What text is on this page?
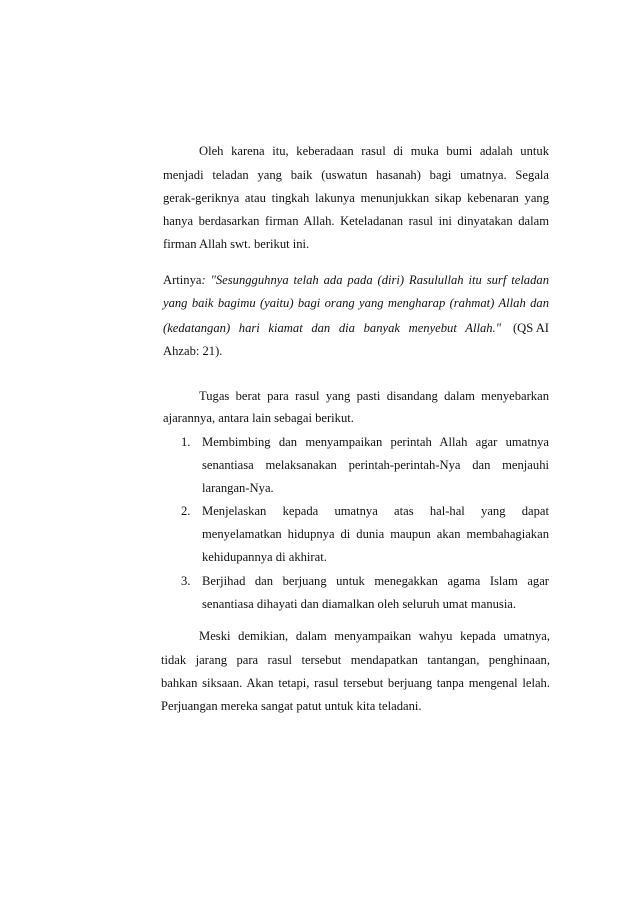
Oleh karena itu, keberadaan rasul di muka bumi adalah untuk
menjadi teladan yang baik (uswatun hasanah) bagi umatnya. Segala
gerak-geriknya atau tingkah lakunya menunjukkan sikap kebenaran yang
hanya berdasarkan firman Allah. Keteladanan rasul ini dinyatakan dalam
firman Allah swt. berikut ini.
Artinya: "Sesungguhnya telah ada pada (diri) Rasulullah itu surf teladan
yang baik bagimu (yaitu) bagi orang yang mengharap (rahmat) Allah dan
(kedatangan) hari kiamat dan dia banyak menyebut Allah." (QS AI
Ahzab: 21).
Tugas berat para rasul yang pasti disandang dalam menyebarkan
ajarannya, antara lain sebagai berikut.
1. Membimbing dan menyampaikan perintah Allah agar umatnya
senantiasa melaksanakan perintah-perintah-Nya dan menjauhi
larangan-Nya.
2. Menjelaskan kepada umatnya atas hal-hal yang dapat
menyelamatkan hidupnya di dunia maupun akan membahagiakan
kehidupannya di akhirat.
3. Berjihad dan berjuang untuk menegakkan agama Islam agar
senantiasa dihayati dan diamalkan oleh seluruh umat manusia.
Meski demikian, dalam menyampaikan wahyu kepada umatnya,
tidak jarang para rasul tersebut mendapatkan tantangan, penghinaan,
bahkan siksaan. Akan tetapi, rasul tersebut berjuang tanpa mengenal lelah.
Perjuangan mereka sangat patut untuk kita teladani.
